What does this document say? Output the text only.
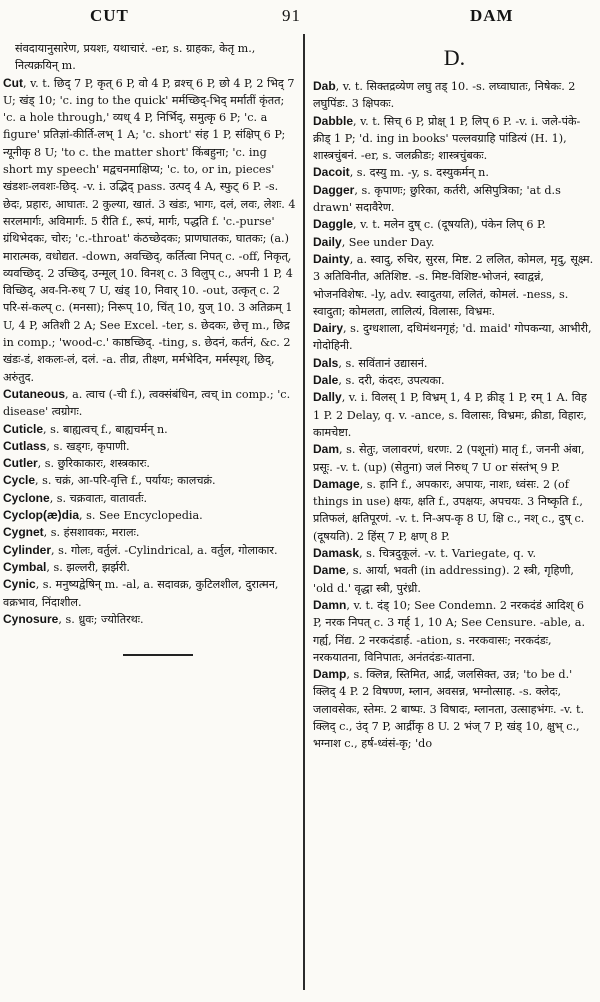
CUT	91	DAM

संवदायानुसारेण, प्रयशः, यथाचारं. -er, s. ग्राहकः, केतृ m., नित्यक्रयिन् m.

Cut, v. t. छिद् 7 P, कृत् 6 P, वो 4 P, व्रश्च् 6 P, छो 4 P, 2 भिद् 7 U; खंड् 10; 'c. ing to the quick' मर्मच्छिद्-भिद् मर्मातीं कृंतत; 'c. a hole through,' व्यध् 4 P, निर्भिद्, समुत्कृ 6 P; 'c. a figure' प्रतिज्ञां-कीर्ति-लभ् 1 A; 'c. short' संह 1 P, संक्षिप् 6 P; न्यूनीकृ 8 U; 'to c. the matter short' किंबहुना; 'c. ing short my speech' मद्वचनमाक्षिप्य; 'c. to, or in, pieces' खंडशः-लवशः-छिद्. -v. i. उद्भिद् pass. उत्पद् 4 A, स्फुट् 6 P. -s. छेदः, प्रहारः, आघातः. 2 कुल्या, खातं. 3 खंडः, भागः, दलं, लवः, लेशः. 4 सरलमार्गः, अविमार्गः. 5 रीति f., रूपं, मार्गः, पद्धति f. 'c.-purse' ग्रंथिभेदकः, चोरः; 'c.-throat' कंठच्छेदकः; प्राणघातकः, घातकः; (a.) मारात्मक, वधोद्यत. -down, अवच्छिद्, कर्तित्वा निपत् c. -off, निकृत्, व्यवच्छिद्. 2 उच्छिद्, उन्मूल् 10. विनश् c. 3 विलुप् c., अपनी 1 P, 4 विच्छिद्, अव-नि-रुध् 7 U, खंड् 10, निवार् 10. -out, उत्कृत् c. 2 परि-सं-कल्प् c. (मनसा); निरूप् 10, चिंत् 10, युज् 10. 3 अतिक्रम् 1 U, 4 P, अतिशी 2 A; See Excel. -ter, s. छेदकः, छेत्तृ m., छिद्र in comp.; 'wood-c.' काष्ठच्छिद्. -ting, s. छेदनं, कर्तनं, &c. 2 खंडः-डं, शकलः-लं, दलं. -a. तीव्र, तीक्ष्ण, मर्मभेदिन, मर्मस्पृश्, छिद्, अरुंतुद.

Cutaneous, a. त्वाच (-ची f.), त्वक्संबंधिन, त्वच् in comp.; 'c. disease' त्वग्रोगः.

Cuticle, s. बाह्यत्वच् f., बाह्यचर्मन् n.

Cutlass, s. खड्गः, कृपाणी.

Cutler, s. छुरिकाकारः, शस्त्रकारः.

Cycle, s. चक्रं, आ-परि-वृत्ति f., पर्यायः; कालचक्रं.

Cyclone, s. चक्रवातः, वातावर्तः.

Cyclop(æ)dia, s. See Encyclopedia.

Cygnet, s. हंसशावकः, मरालः.

Cylinder, s. गोलः, वर्तुलं. -Cylindrical, a. वर्तुल, गोलाकार.

Cymbal, s. झल्लरी, झर्झरी.

Cynic, s. मनुष्यद्वेषिन् m. -al, a. सदावक्र, कुटिलशील, दुरात्मन, वक्रभाव, निंदाशील.

Cynosure, s. ध्रुवः; ज्योतिरथः.

D.

Dab, v. t. सिक्तद्रव्येण लघु तड् 10. -s. लघ्वाघातः, निषेकः. 2 लघुपिंडः. 3 क्षिपकः.

Dabble, v. t. सिच् 6 P, प्रोक्ष् 1 P, लिप् 6 P. -v. i. जले-पंके-क्रीड् 1 P; 'd. ing in books' पल्लवग्राहि पांडित्यं (H. 1), शास्त्रचुंबनं. -er, s. जलक्रीडः; शास्त्रचुंबकः.

Dacoit, s. दस्यु m. -y, s. दस्युकर्मन् n.

Dagger, s. कृपाणः; छुरिका, कर्तरी, असिपुत्रिका; 'at d.s drawn' सदावैरेण.

Daggle, v. t. मलेन दुष् c. (दूषयति), पंकेन लिप् 6 P.

Daily, See under Day.

Dainty, a. स्वादु, रुचिर, सुरस, मिष्ट. 2 ललित, कोमल, मृदु, सूक्ष्म. 3 अतिविनीत, अतिशिष्ट. -s. मिष्ट-विशिष्ट-भोजनं, स्वाद्वन्नं, भोजनविशेषः. -ly, adv. स्वादुतया, ललितं, कोमलं. -ness, s. स्वादुता; कोमलता, लालित्यं, विलासः, विभ्रमः.

Dairy, s. दुग्धशाला, दधिमंथनगृहं; 'd. maid' गोपकन्या, आभीरी, गोदोहिनी.

Dals, s. सविंतानं उद्यासनं.

Dale, s. दरी, कंदरः, उपत्यका.

Dally, v. i. विलस् 1 P, विभ्रम् 1, 4 P, क्रीड् 1 P, रम् 1 A. विह 1 P. 2 Delay, q. v. -ance, s. विलासः, विभ्रमः, क्रीडा, विहारः, कामचेष्टा.

Dam, s. सेतुः, जलावरणं, धरणः. 2 (पशूनां) मातृ f., जननी अंबा, प्रसूः. -v. t. (up) (सेतुना) जलं निरुध् 7 U or संस्तंभ् 9 P.

Damage, s. हानि f., अपकारः, अपायः, नाशः, ध्वंसः. 2 (of things in use) क्षयः, क्षति f., उपक्षयः, अपचयः. 3 निष्कृति f., प्रतिफलं, क्षतिपूरणं. -v. t. नि-अप-कृ 8 U, क्षि c., नश् c., दुष् c. (दूषयति). 2 हिंस् 7 P, क्षण् 8 P.

Damask, s. चित्रदुकूलं. -v. t. Variegate, q. v.

Dame, s. आर्या, भवती (in addressing). 2 स्त्री, गृहिणी, 'old d.' वृद्धा स्त्री, पुरंध्री.

Damn, v. t. दंड् 10; See Condemn. 2 नरकदंडं आदिश् 6 P, नरक निपत् c. 3 गर्ह् 1, 10 A; See Censure. -able, a. गर्ह्य, निंद्य. 2 नरकदंडार्ह. -ation, s. नरकवासः; नरकदंडः, नरकयातना, विनिपातः, अनंतदंडः-यातना.

Damp, s. क्लिन्न, स्तिमित, आर्द्र, जलसिक्त, उन्न; 'to be d.' क्लिद् 4 P. 2 विषण्ण, म्लान, अवसन्न, भग्नोत्साह. -s. क्लेदः, जलावसेकः, स्तेमः. 2 बाष्पः. 3 विषादः, म्लानता, उत्साहभंगः. -v. t. क्लिद् c., उंद् 7 P, आर्द्रीकृ 8 U. 2 भंज् 7 P, खंड् 10, क्षुभ् c., भग्नाश c., हर्ष-ध्वंसं-कृ; 'do
